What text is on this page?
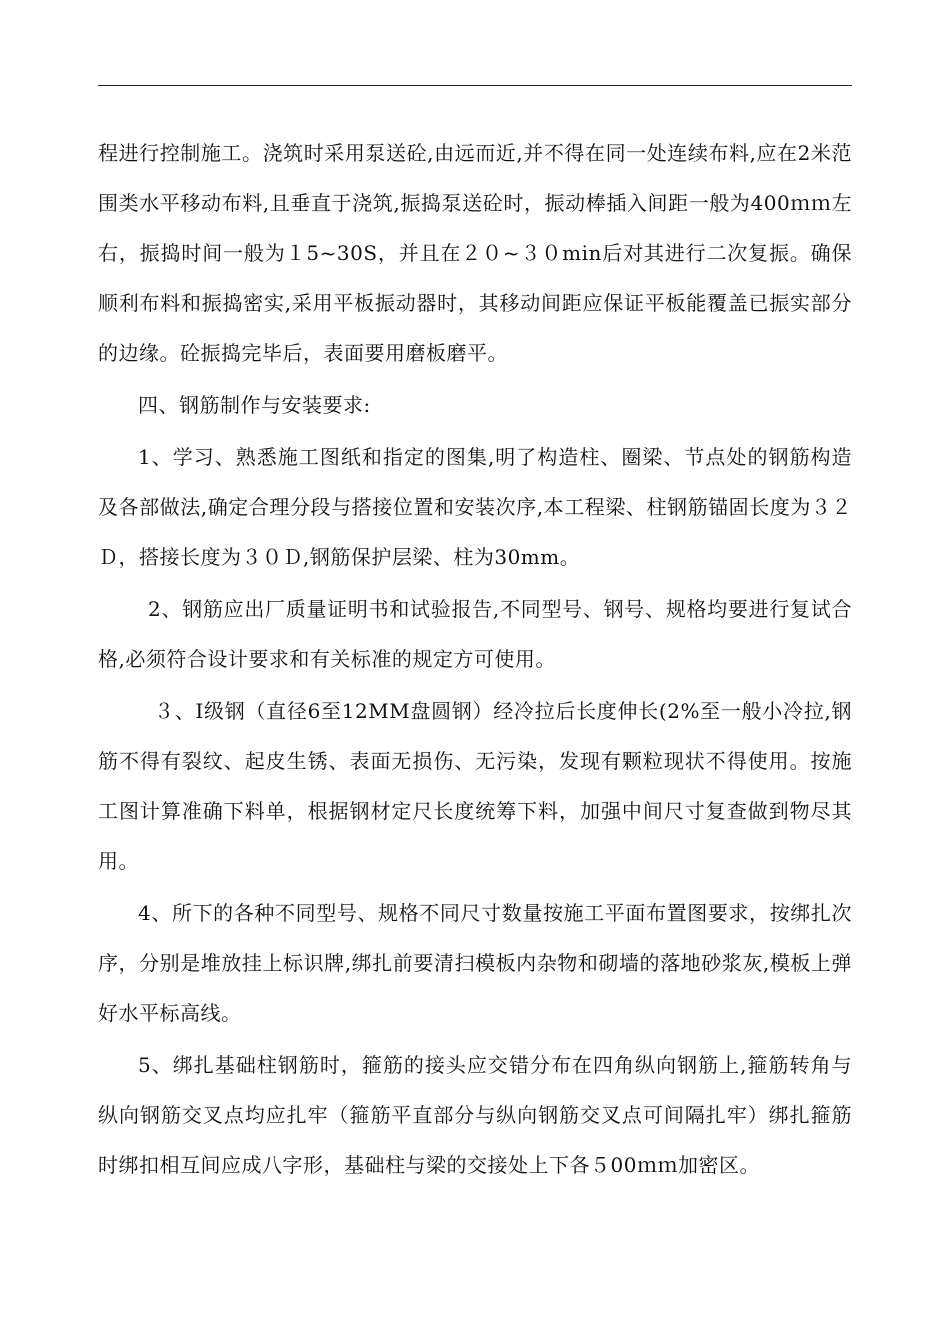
程进行控制施工。浇筑时采用泵送砼,由远而近,并不得在同一处连续布料,应在2米范围类水平移动布料,且垂直于浇筑,振捣泵送砼时，振动棒插入间距一般为400ｍｍ左右，振捣时间一般为１5~30S，并且在２０~３０min后对其进行二次复振。确保顺利布料和振捣密实,采用平板振动器时，其移动间距应保证平板能覆盖已振实部分的边缘。砼振捣完毕后，表面要用磨板磨平。

四、钢筋制作与安装要求:

1、学习、熟悉施工图纸和指定的图集,明了构造柱、圈梁、节点处的钢筋构造及各部做法,确定合理分段与搭接位置和安装次序,本工程梁、柱钢筋锚固长度为３２Ｄ，搭接长度为３０Ｄ,钢筋保护层梁、柱为30mm。

2、钢筋应出厂质量证明书和试验报告,不同型号、钢号、规格均要进行复试合格,必须符合设计要求和有关标准的规定方可使用。

３、I级钢（直径6至12MM盘圆钢）经冷拉后长度伸长(2%至一般小冷拉,钢筋不得有裂纹、起皮生锈、表面无损伤、无污染，发现有颗粒现状不得使用。按施工图计算准确下料单，根据钢材定尺长度统筹下料，加强中间尺寸复查做到物尽其用。

4、所下的各种不同型号、规格不同尺寸数量按施工平面布置图要求，按绑扎次序，分别是堆放挂上标识牌,绑扎前要清扫模板内杂物和砌墙的落地砂浆灰,模板上弹好水平标高线。

5、绑扎基础柱钢筋时，箍筋的接头应交错分布在四角纵向钢筋上,箍筋转角与纵向钢筋交叉点均应扎牢（箍筋平直部分与纵向钢筋交叉点可间隔扎牢）绑扎箍筋时绑扣相互间应成八字形，基础柱与梁的交接处上下各５00ｍｍ加密区。
